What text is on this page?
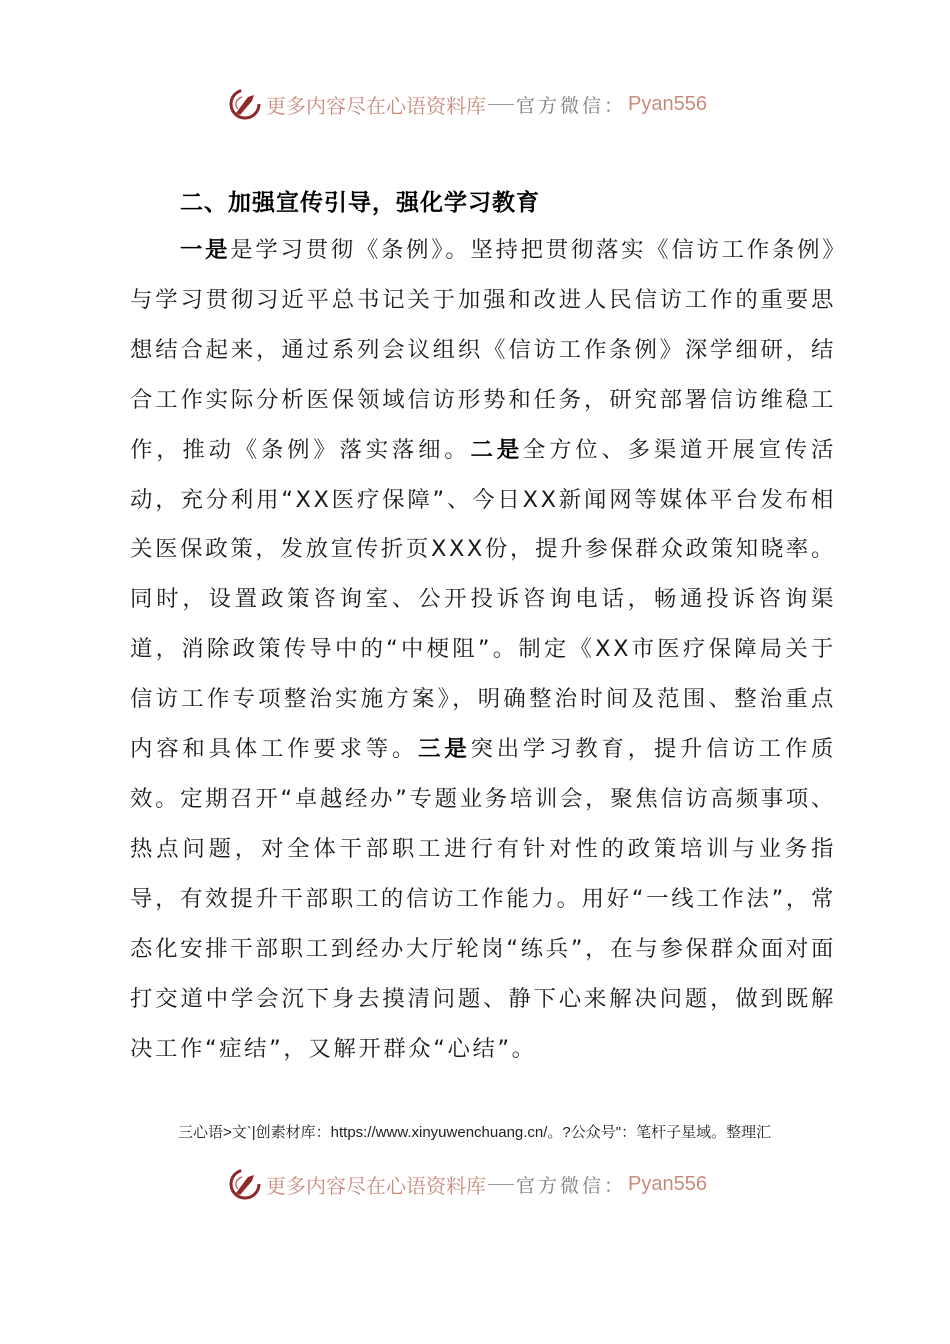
更多内容尽在心语资料库 官方微信： Pyan556
二、加强宣传引导，强化学习教育
一是是学习贯彻《条例》。坚持把贯彻落实《信访工作条例》与学习贯彻习近平总书记关于加强和改进人民信访工作的重要思想结合起来，通过系列会议组织《信访工作条例》深学细研，结合工作实际分析医保领域信访形势和任务，研究部署信访维稳工作，推动《条例》落实落细。二是全方位、多渠道开展宣传活动，充分利用“XX医疗保障”、今日XX新闻网等媒体平台发布相关医保政策，发放宣传折页XXX份，提升参保群众政策知晓率。同时，设置政策咨询室、公开投诉咨询电话，畅通投诉咨询渠道，消除政策传导中的“中梗阻”。制定《XX市医疗保障局关于信访工作专项整治实施方案》，明确整治时间及范围、整治重点内容和具体工作要求等。三是突出学习教育，提升信访工作质效。定期召开“卓越经办”专题业务培训会，聚焦信访高频事项、热点问题，对全体干部职工进行有针对性的政策培训与业务指导，有效提升干部职工的信访工作能力。用好“一线工作法”，常态化安排干部职工到经办大厅轮岗“练兵”，在与参保群众面对面打交道中学会沉下身去摸清问题、静下心来解决问题，做到既解决工作“症结”，又解开群众“心结”。
三心语>文`|创素材库：https://www.xinyuwenchuang.cn/。?公众号"：笔杆子星域。整理汇
更多内容尽在心语资料库 官方微信： Pyan556
